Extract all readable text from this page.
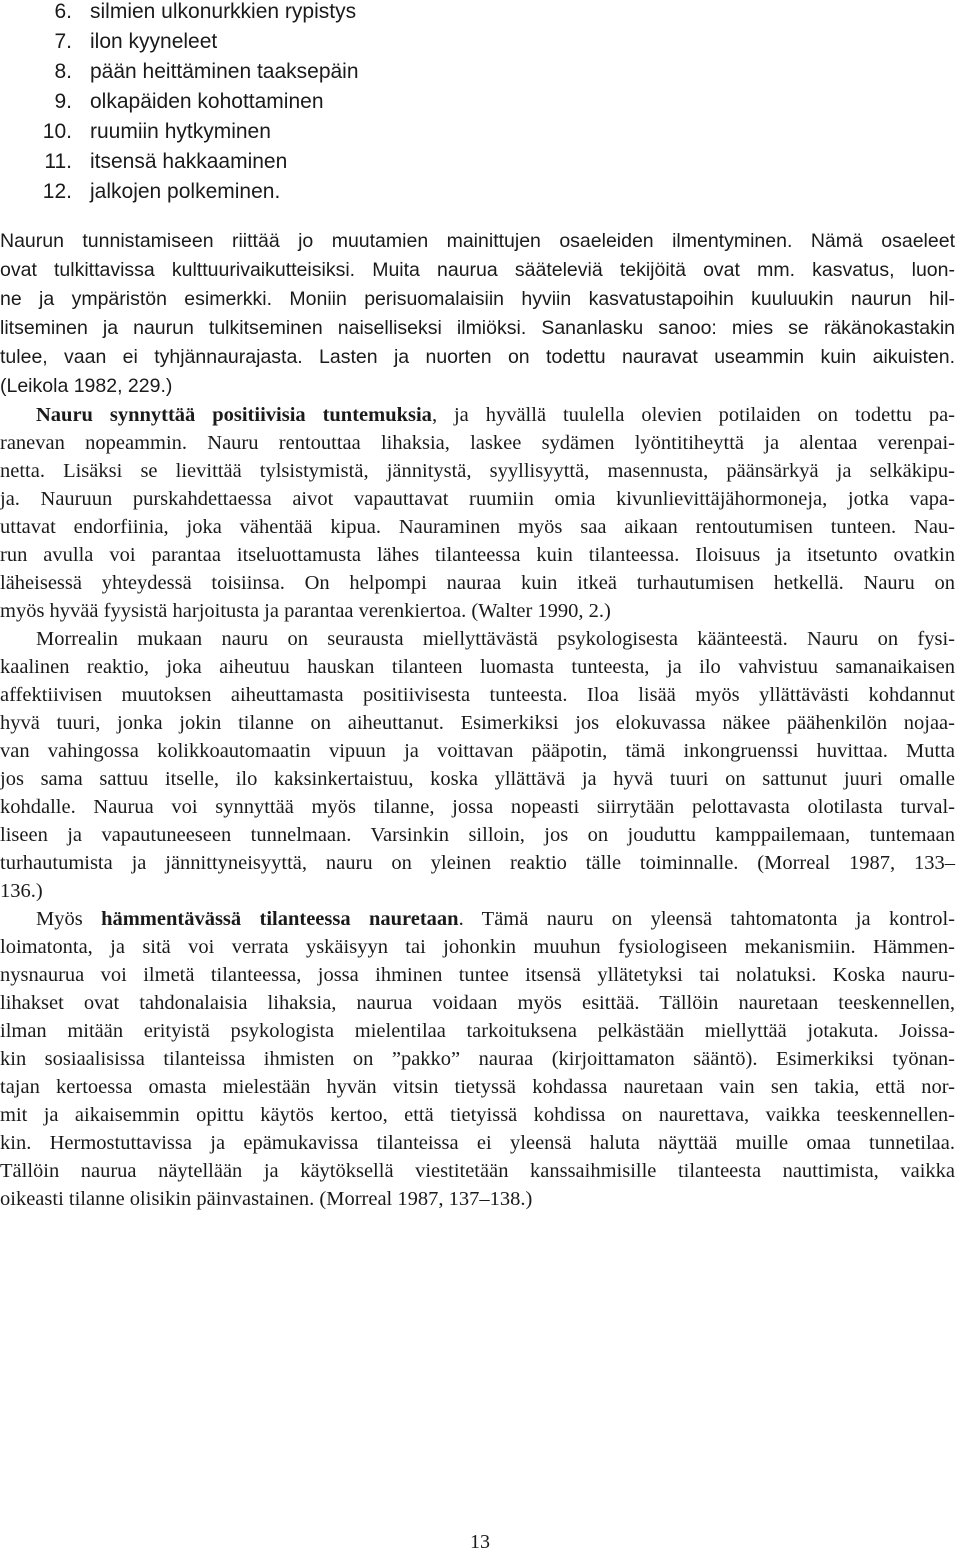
6. silmien ulkonurkkien rypistys
7. ilon kyyneleet
8. pään heittäminen taaksepäin
9. olkapäiden kohottaminen
10. ruumiin hytkyminen
11. itsensä hakkaaminen
12. jalkojen polkeminen.
Naurun tunnistamiseen riittää jo muutamien mainittujen osaeleiden ilmentyminen. Nämä osaeleet
ovat tulkittavissa kulttuurivaikutteisiksi. Muita naurua sääteleviä tekijöitä ovat mm. kasvatus, luon-
ne ja ympäristön esimerkki. Moniin perisuomalaisiin hyviin kasvatustapoihin kuuluukin naurun hil-
litseminen ja naurun tulkitseminen naiselliseksi ilmiöksi. Sananlasku sanoo: mies se räkänokastakin
tulee, vaan ei tyhjännaurajasta. Lasten ja nuorten on todettu nauravat useammin kuin aikuisten.
(Leikola 1982, 229.)
Nauru synnyttää positiivisia tuntemuksia, ja hyvällä tuulella olevien potilaiden on todettu pa-
ranevan nopeammin. Nauru rentouttaa lihaksia, laskee sydämen lyöntitiheyttä ja alentaa verenpai-
netta. Lisäksi se lievittää tylsistymistä, jännitystä, syyllisyyttä, masennusta, päänsärkyä ja selkäkipu-
ja. Nauruun purskahdettaessa aivot vapauttavat ruumiin omia kivunlievittäjähormoneja, jotka vapa-
uttavat endorfiinia, joka vähentää kipua. Nauraminen myös saa aikaan rentoutumisen tunteen. Nau-
run avulla voi parantaa itseluottamusta lähes tilanteessa kuin tilanteessa. Iloisuus ja itsetunto ovatkin
läheisessä yhteydessä toisiinsa. On helpompi nauraa kuin itkeä turhautumisen hetkellä. Nauru on
myös hyvää fyysistä harjoitusta ja parantaa verenkiertoa. (Walter 1990, 2.)
Morrealin mukaan nauru on seurausta miellyttävästä psykologisesta käänteestä. Nauru on fysi-
kaalinen reaktio, joka aiheutuu hauskan tilanteen luomasta tunteesta, ja ilo vahvistuu samanaikaisen
affektiivisen muutoksen aiheuttamasta positiivisesta tunteesta. Iloa lisää myös yllättävästi kohdannut
hyvä tuuri, jonka jokin tilanne on aiheuttanut. Esimerkiksi jos elokuvassa näkee päähenkilön nojaa-
van vahingossa kolikkoautomaatin vipuun ja voittavan pääpotin, tämä inkongruenssi huvittaa. Mutta
jos sama sattuu itselle, ilo kaksinkertaistuu, koska yllättävä ja hyvä tuuri on sattunut juuri omalle
kohdalle. Naurua voi synnyttää myös tilanne, jossa nopeasti siirrytään pelottavasta olotilasta turval-
liseen ja vapautuneeseen tunnelmaan. Varsinkin silloin, jos on jouduttu kamppailemaan, tuntemaan
turhautumista ja jännittyneisyyttä, nauru on yleinen reaktio tälle toiminnalle. (Morreal 1987, 133–
136.)
Myös hämmentävässä tilanteessa nauretaan. Tämä nauru on yleensä tahtomatonta ja kontrol-
loimatonta, ja sitä voi verrata yskäisyyn tai johonkin muuhun fysiologiseen mekanismiin. Hämmen-
nysnaurua voi ilmetä tilanteessa, jossa ihminen tuntee itsensä yllätetyksi tai nolatuksi. Koska nauru-
lihakset ovat tahdonalaisia lihaksia, naurua voidaan myös esittää. Tällöin nauretaan teeskennellen,
ilman mitään erityistä psykologista mielentilaa tarkoituksena pelkästään miellyttää jotakuta. Joissa-
kin sosiaalisissa tilanteissa ihmisten on ”pakko” nauraa (kirjoittamaton sääntö). Esimerkiksi työnan-
tajan kertoessa omasta mielestään hyvän vitsin tietyssä kohdassa nauretaan vain sen takia, että nor-
mit ja aikaisemmin opittu käytös kertoo, että tietyissä kohdissa on naurettava, vaikka teeskennellen-
kin. Hermostuttavissa ja epämukavissa tilanteissa ei yleensä haluta näyttää muille omaa tunnetilaa.
Tällöin naurua näytellään ja käytöksellä viestitetään kanssaihmisille tilanteesta nauttimista, vaikka
oikeasti tilanne olisikin päinvastainen. (Morreal 1987, 137–138.)
13
